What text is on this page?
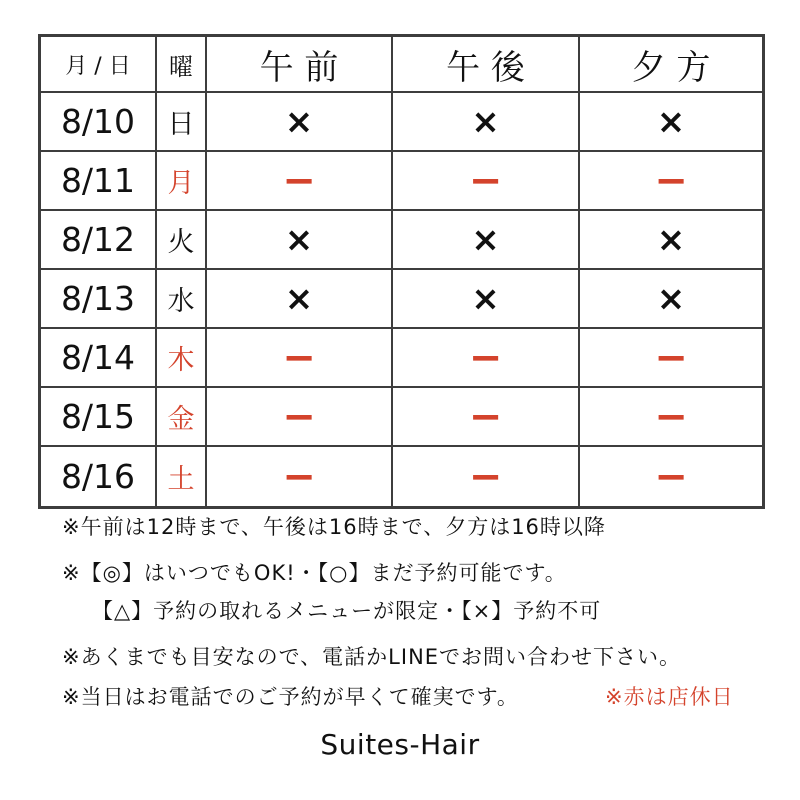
月 / 日	曜	午 前	午 後	夕 方
8/10	日	×	×	×
8/11	月	−	−	−
8/12	火	×	×	×
8/13	水	×	×	×
8/14	木	−	−	−
8/15	金	−	−	−
8/16	土	−	−	−
※午前は12時まで、午後は16時まで、夕方は16時以降
※【◎】はいつでもOK!・【○】まだ予約可能です。
【△】予約の取れるメニューが限定・【×】予約不可
※あくまでも目安なので、電話かLINEでお問い合わせ下さい。
※当日はお電話でのご予約が早くて確実です。	※赤は店休日
Suites-Hair
